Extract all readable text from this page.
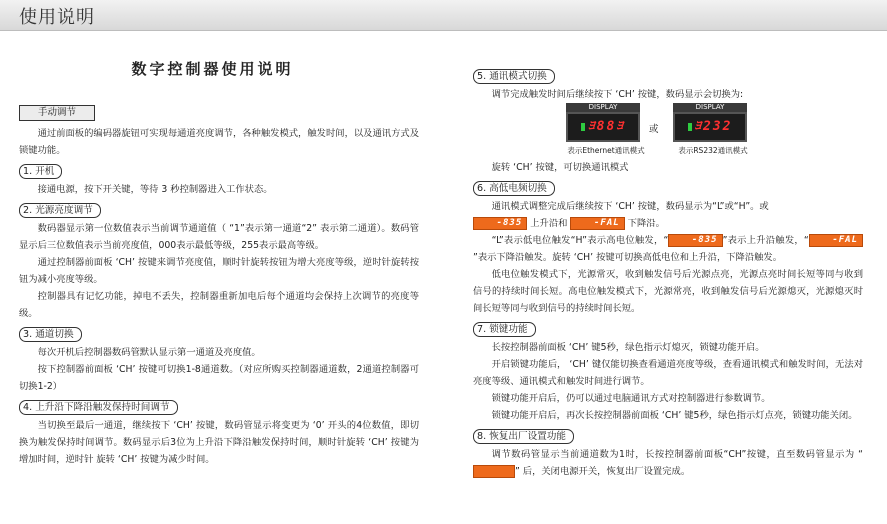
使用说明
数字控制器使用说明
手动调节

通过前面板的编码器旋钮可实现每通道亮度调节，各种触发模式，触发时间，以及通讯方式及锁键功能。

1. 开机

接通电源，按下开关键，等待 3 秒控制器进入工作状态。

2. 光源亮度调节

数码器显示第一位数值表示当前调节通道值（ “1”表示第一通道“2” 表示第二通道）。数码管显示后三位数值表示当前亮度值，000表示最低等级，255表示最高等级。

通过控制器前面板 ‘CH’ 按键来调节亮度值，顺时针旋转按钮为增大亮度等级，逆时针旋转按钮为减小亮度等级。

控制器具有记忆功能，掉电不丢失，控制器重新加电后每个通道均会保持上次调节的亮度等级。

3. 通道切换

每次开机后控制器数码管默认显示第一通道及亮度值。

按下控制器前面板 ‘CH’ 按键可切换1-8通道数。（对应所购买控制器通道数，2通道控制器可切换1-2）

4. 上升沿下降沿触发保持时间调节

当切换至最后一通道，继续按下 ‘CH’ 按键，数码管显示将变更为 ‘0’ 开头的4位数值，即切换为触发保持时间调节。数码显示后3位为上升沿下降沿触发保持时间，顺时针旋转 ‘CH’ 按键为增加时间，逆时针 旋转 ‘CH’ 按键为减少时间。

5. 通讯模式切换

调节完成触发时间后继续按下 ‘CH’ 按键，数码显示会切换为:

DISPLAY
ﾖ88ﾖ
表示Ethernet通讯模式
或
DISPLAY
ﾖ232
表示RS232通讯模式

旋转 ‘CH’ 按键，可切换通讯模式

6. 高低电频切换

通讯模式调整完成后继续按下 ‘CH’ 按键，数码显示为“L”或“H”。或
-835 上升沿和	-FAL 下降沿。

“L”表示低电位触发“H”表示高电位触发，“	-835 ”表示上升沿触发，“	-FAL”表示下降沿触发。旋转 ‘CH’ 按键可切换高低电位和上升沿，下降沿触发。

低电位触发模式下，光源常灭，收到触发信号后光源点亮，光源点亮时间长短等同与收到信号的持续时间长短。高电位触发模式下，光源常亮，收到触发信号后光源熄灭，光源熄灭时间长短等同与收到信号的持续时间长短。

7. 锁键功能

长按控制器前面板 ‘CH’ 键5秒，绿色指示灯熄灭，锁键功能开启。

开启锁键功能后， ‘CH’ 键仅能切换查看通道亮度等级，查看通讯模式和触发时间，无法对亮度等级、通讯模式和触发时间进行调节。

锁键功能开启后，仍可以通过电脑通讯方式对控制器进行参数调节。

锁键功能开启后，再次长按控制器前面板 ‘CH’ 键5秒，绿色指示灯点亮，锁键功能关闭。

8. 恢复出厂设置功能

调节数码管显示当前通道数为1时，长按控制器前面板“CH”按键，直至数码管显示为 “” 后，关闭电源开关，恢复出厂设置完成。
